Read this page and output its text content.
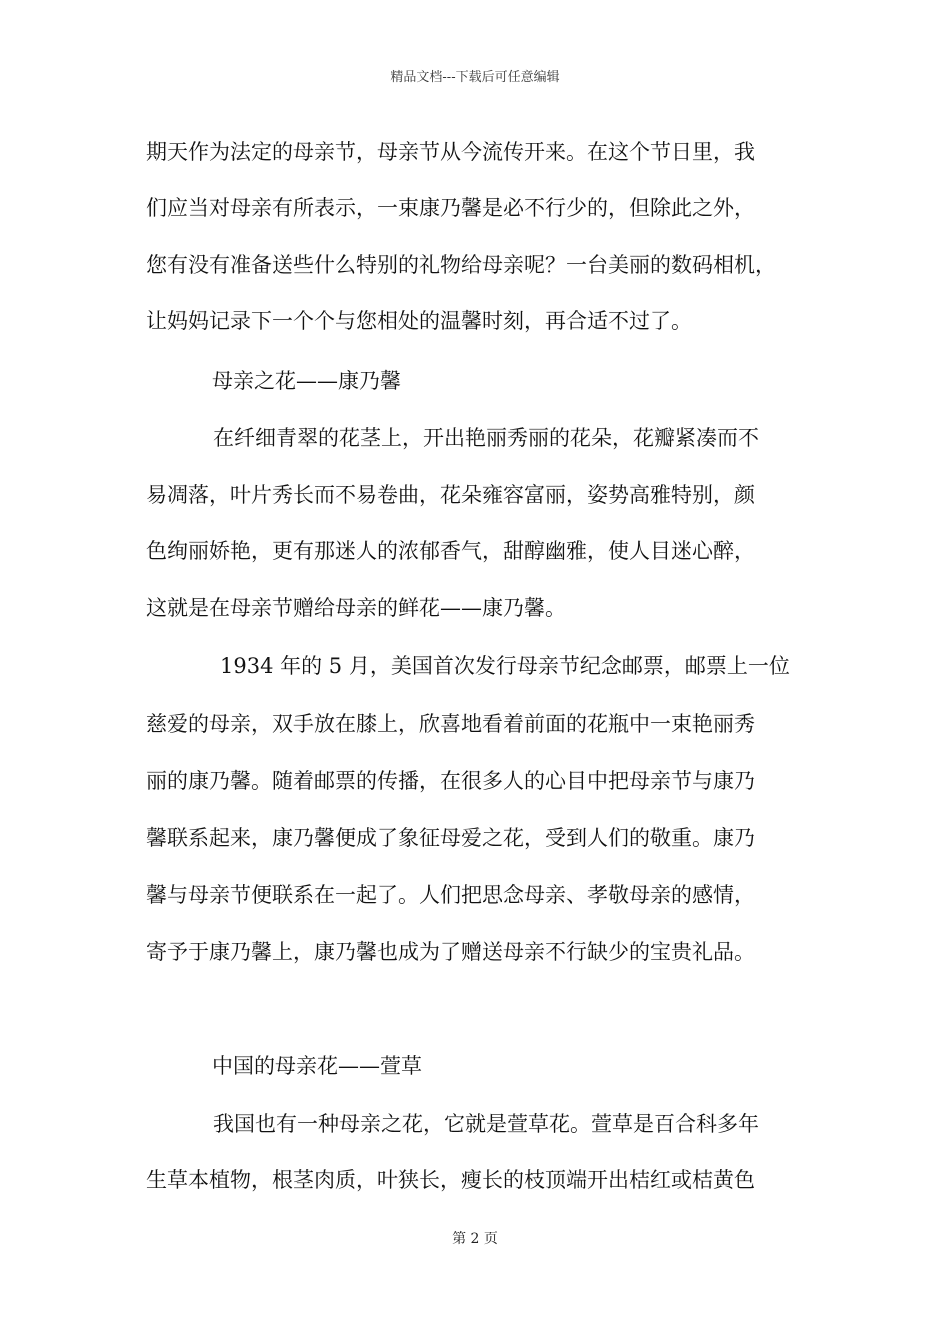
精品文档---下载后可任意编辑
期天作为法定的母亲节，母亲节从今流传开来。在这个节日里，我
们应当对母亲有所表示，一束康乃馨是必不行少的，但除此之外，
您有没有准备送些什么特别的礼物给母亲呢？一台美丽的数码相机，
让妈妈记录下一个个与您相处的温馨时刻，再合适不过了。
母亲之花——康乃馨
在纤细青翠的花茎上，开出艳丽秀丽的花朵，花瓣紧凑而不
易凋落，叶片秀长而不易卷曲，花朵雍容富丽，姿势高雅特别，颜
色绚丽娇艳，更有那迷人的浓郁香气，甜醇幽雅，使人目迷心醉，
这就是在母亲节赠给母亲的鲜花——康乃馨。
1934 年的 5 月，美国首次发行母亲节纪念邮票，邮票上一位
慈爱的母亲，双手放在膝上，欣喜地看着前面的花瓶中一束艳丽秀
丽的康乃馨。随着邮票的传播，在很多人的心目中把母亲节与康乃
馨联系起来，康乃馨便成了象征母爱之花，受到人们的敬重。康乃
馨与母亲节便联系在一起了。人们把思念母亲、孝敬母亲的感情，
寄予于康乃馨上，康乃馨也成为了赠送母亲不行缺少的宝贵礼品。
中国的母亲花——萱草
我国也有一种母亲之花，它就是萱草花。萱草是百合科多年
生草本植物，根茎肉质，叶狭长，瘦长的枝顶端开出桔红或桔黄色
第 2 页
